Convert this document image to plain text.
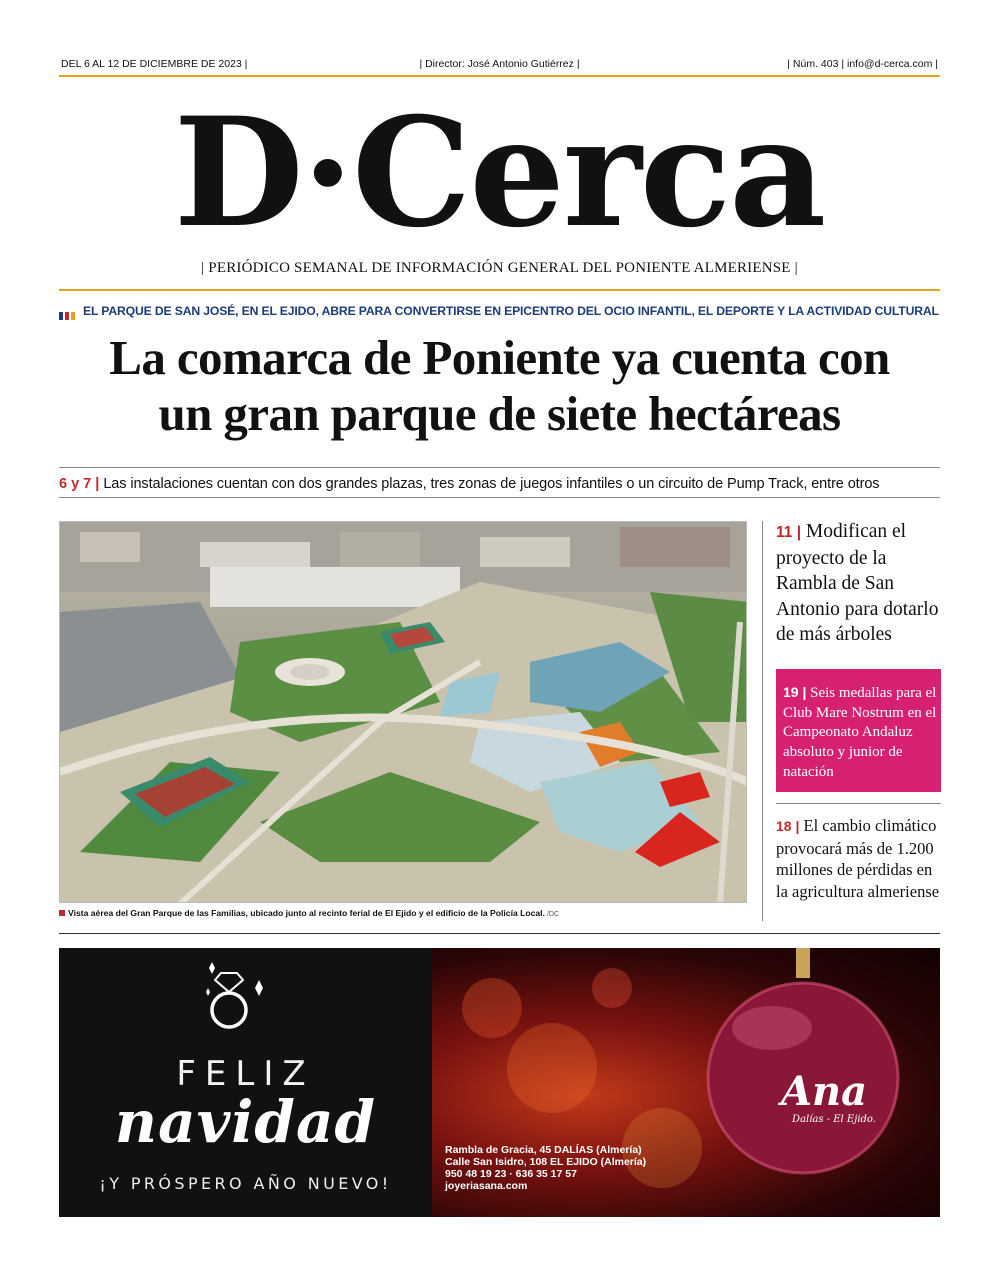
DEL 6 AL 12 DE DICIEMBRE DE 2023 |	| Director: José Antonio Gutiérrez |	| Núm. 403 | info@d-cerca.com |
D·Cerca
| PERIÓDICO SEMANAL DE INFORMACIÓN GENERAL DEL PONIENTE ALMERIENSE |
EL PARQUE DE SAN JOSÉ, EN EL EJIDO, ABRE PARA CONVERTIRSE EN EPICENTRO DEL OCIO INFANTIL, EL DEPORTE Y LA ACTIVIDAD CULTURAL
La comarca de Poniente ya cuenta con
un gran parque de siete hectáreas
6 y 7 | Las instalaciones cuentan con dos grandes plazas, tres zonas de juegos infantiles o un circuito de Pump Track, entre otros
Vista aérea del Gran Parque de las Familias, ubicado junto al recinto ferial de El Ejido y el edificio de la Policía Local. /DC
11 | Modifican el proyecto de la Rambla de San Antonio para dotarlo de más árboles
19 | Seis medallas para el Club Mare Nostrum en el Campeonato Andaluz absoluto y junior de natación
18 | El cambio climático provocará más de 1.200 millones de pérdidas en la agricultura almeriense
FELIZ
navidad
¡Y PRÓSPERO AÑO NUEVO!
Ana
Dalías - El Ejido.
Rambla de Gracia, 45 DALÍAS (Almería)
Calle San Isidro, 108 EL EJIDO (Almería)
950 48 19 23 · 636 35 17 57
joyeriasana.com
